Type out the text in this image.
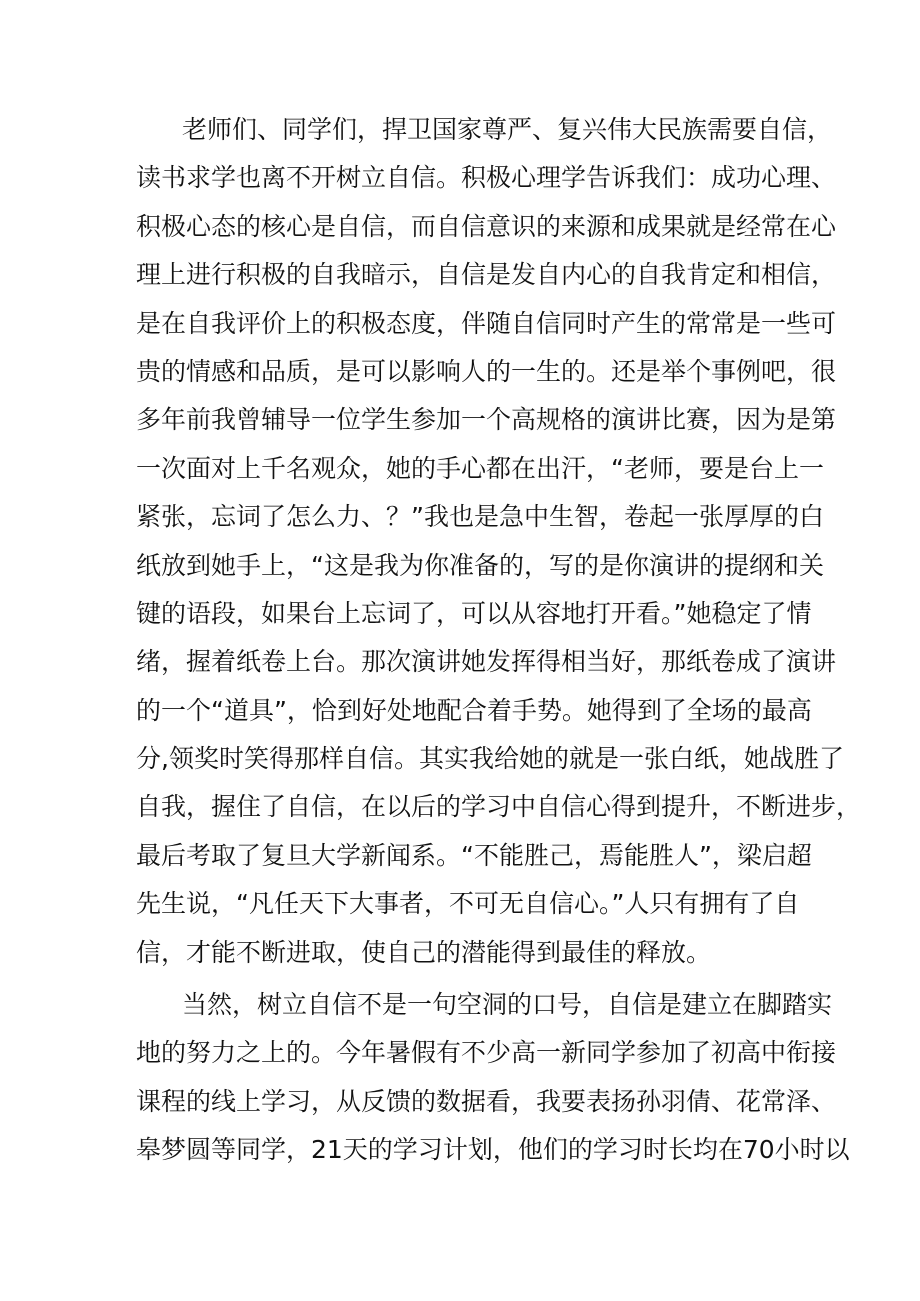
老师们、同学们，捍卫国家尊严、复兴伟大民族需要自信，
读书求学也离不开树立自信。积极心理学告诉我们：成功心理、
积极心态的核心是自信，而自信意识的来源和成果就是经常在心
理上进行积极的自我暗示，自信是发自内心的自我肯定和相信，
是在自我评价上的积极态度，伴随自信同时产生的常常是一些可
贵的情感和品质，是可以影响人的一生的。还是举个事例吧，很
多年前我曾辅导一位学生参加一个高规格的演讲比赛，因为是第
一次面对上千名观众，她的手心都在出汗，“老师，要是台上一
紧张，忘词了怎么力、？”我也是急中生智，卷起一张厚厚的白
纸放到她手上，“这是我为你准备的，写的是你演讲的提纲和关
键的语段，如果台上忘词了，可以从容地打开看。”她稳定了情
绪，握着纸卷上台。那次演讲她发挥得相当好，那纸卷成了演讲
的一个“道具”，恰到好处地配合着手势。她得到了全场的最高
分,领奖时笑得那样自信。其实我给她的就是一张白纸，她战胜了
自我，握住了自信，在以后的学习中自信心得到提升，不断进步，
最后考取了复旦大学新闻系。“不能胜己，焉能胜人”，梁启超
先生说，“凡任天下大事者，不可无自信心。”人只有拥有了自
信，才能不断进取，使自己的潜能得到最佳的释放。
当然，树立自信不是一句空洞的口号，自信是建立在脚踏实
地的努力之上的。今年暑假有不少高一新同学参加了初高中衔接
课程的线上学习，从反馈的数据看，我要表扬孙羽倩、花常泽、
皋梦圆等同学，21天的学习计划，他们的学习时长均在70小时以
